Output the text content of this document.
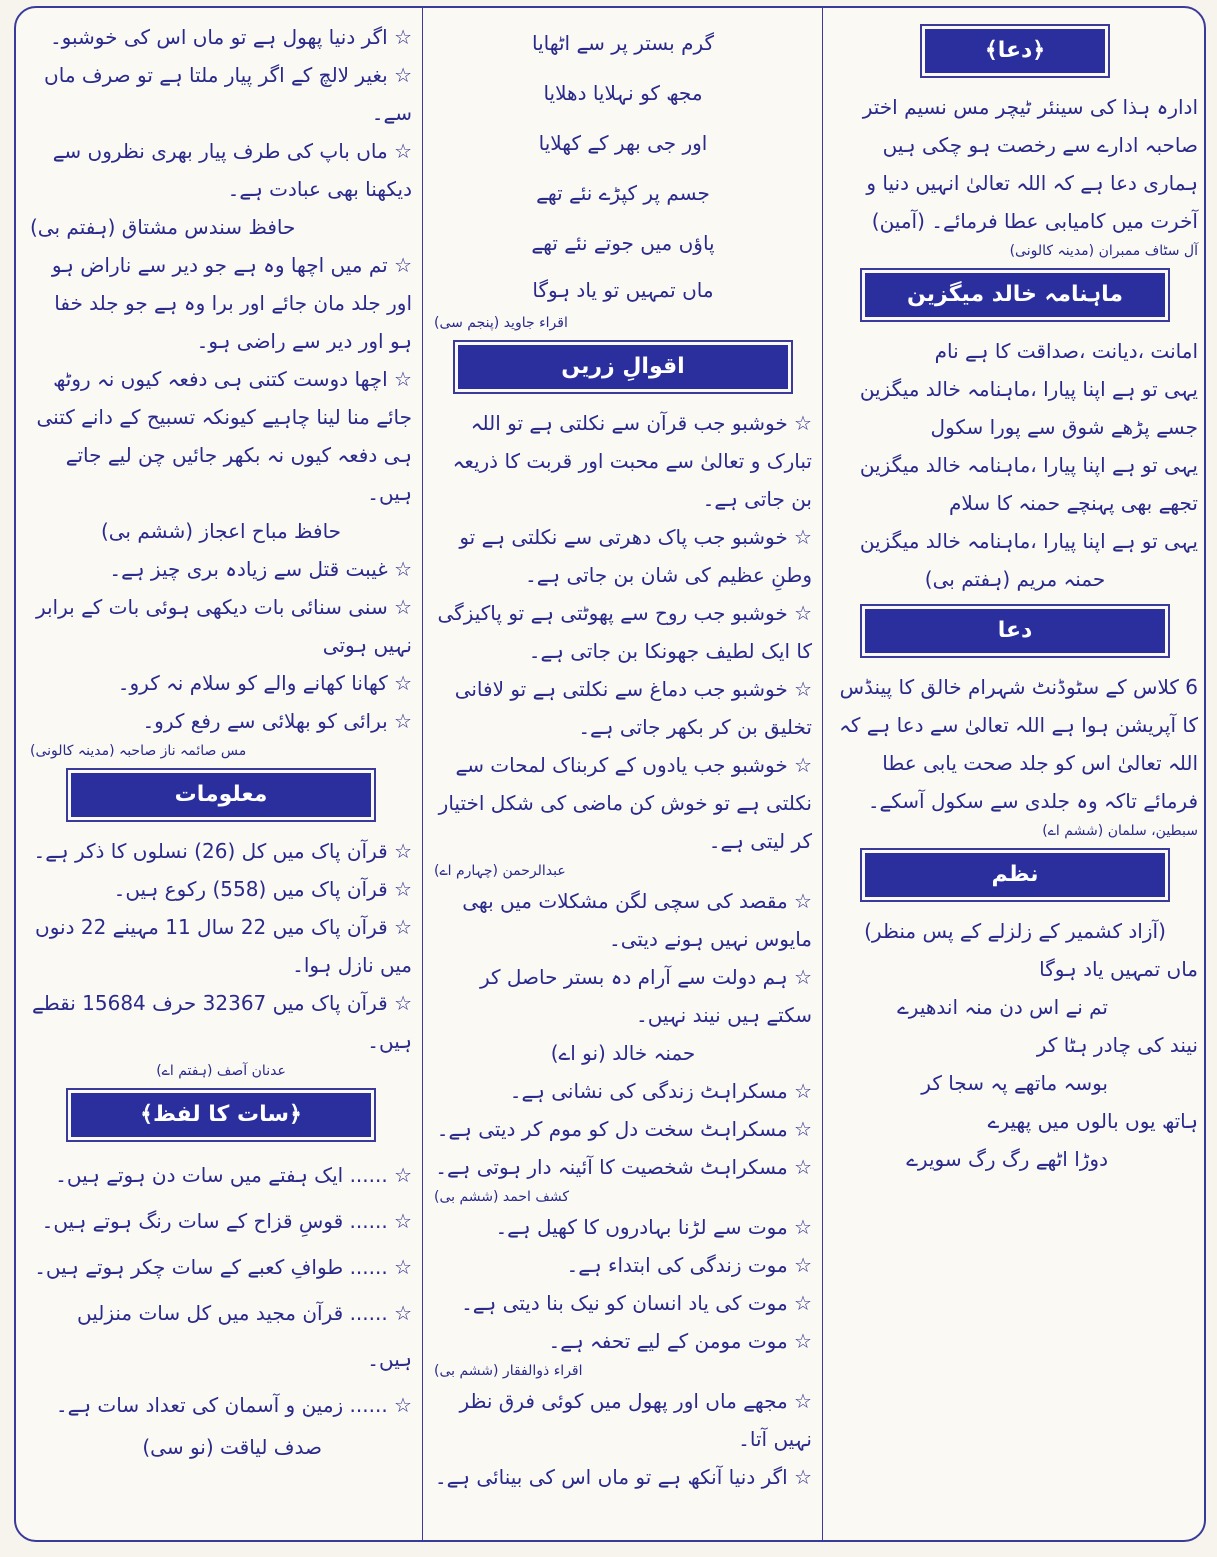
﴿دعا﴾

ادارہ ہذا کی سینئر ٹیچر مس نسیم اختر صاحبہ ادارے سے رخصت ہو چکی ہیں ہماری دعا ہے کہ اللہ تعالیٰ انہیں دنیا و آخرت میں کامیابی عطا فرمائے۔ (آمین)

آل سٹاف ممبران (مدینہ کالونی)

ماہنامہ خالد میگزین

امانت ،دیانت ،صداقت کا ہے نام

یہی تو ہے اپنا پیارا ،ماہنامہ خالد میگزین

جسے پڑھے شوق سے پورا سکول

یہی تو ہے اپنا پیارا ،ماہنامہ خالد میگزین

تجھے بھی پہنچے حمنہ کا سلام

یہی تو ہے اپنا پیارا ،ماہنامہ خالد میگزین

حمنہ مریم (ہفتم بی)

دعا

6 کلاس کے سٹوڈنٹ شہرام خالق کا پینڈس کا آپریشن ہوا ہے اللہ تعالیٰ سے دعا ہے کہ اللہ تعالیٰ اس کو جلد صحت یابی عطا فرمائے تاکہ وہ جلدی سے سکول آسکے۔

سبطین، سلمان (ششم اے)

نظم

(آزاد کشمیر کے زلزلے کے پس منظر)

ماں تمہیں یاد ہوگا

تم نے اس دن منہ اندھیرے

نیند کی چادر ہٹا کر

بوسہ ماتھے پہ سجا کر

ہاتھ یوں بالوں میں پھیرے

دوڑا اٹھے رگ رگ سویرے

گرم بستر پر سے اٹھایا

مجھ کو نہلایا دھلایا

اور جی بھر کے کھلایا

جسم پر کپڑے نئے تھے

پاؤں میں جوتے نئے تھے

ماں تمہیں تو یاد ہوگا

اقراء جاوید (پنجم سی)

اقوالِ زریں

☆ خوشبو جب قرآن سے نکلتی ہے تو اللہ تبارک و تعالیٰ سے محبت اور قربت کا ذریعہ بن جاتی ہے۔

☆ خوشبو جب پاک دھرتی سے نکلتی ہے تو وطنِ عظیم کی شان بن جاتی ہے۔

☆ خوشبو جب روح سے پھوٹتی ہے تو پاکیزگی کا ایک لطیف جھونکا بن جاتی ہے۔

☆ خوشبو جب دماغ سے نکلتی ہے تو لافانی تخلیق بن کر بکھر جاتی ہے۔

☆ خوشبو جب یادوں کے کربناک لمحات سے نکلتی ہے تو خوش کن ماضی کی شکل اختیار کر لیتی ہے۔

عبدالرحمن (چہارم اے)

☆ مقصد کی سچی لگن مشکلات میں بھی مایوس نہیں ہونے دیتی۔

☆ ہم دولت سے آرام دہ بستر حاصل کر سکتے ہیں نیند نہیں۔

حمنہ خالد (نو اے)

☆ مسکراہٹ زندگی کی نشانی ہے۔

☆ مسکراہٹ سخت دل کو موم کر دیتی ہے۔

☆ مسکراہٹ شخصیت کا آئینہ دار ہوتی ہے۔

کشف احمد (ششم بی)

☆ موت سے لڑنا بہادروں کا کھیل ہے۔

☆ موت زندگی کی ابتداء ہے۔

☆ موت کی یاد انسان کو نیک بنا دیتی ہے۔

☆ موت مومن کے لیے تحفہ ہے۔

اقراء ذوالفقار (ششم بی)

☆ مجھے ماں اور پھول میں کوئی فرق نظر نہیں آتا۔

☆ اگر دنیا آنکھ ہے تو ماں اس کی بینائی ہے۔

☆ اگر دنیا پھول ہے تو ماں اس کی خوشبو۔

☆ بغیر لالچ کے اگر پیار ملتا ہے تو صرف ماں سے۔

☆ ماں باپ کی طرف پیار بھری نظروں سے دیکھنا بھی عبادت ہے۔

حافظ سندس مشتاق (ہفتم بی)

☆ تم میں اچھا وہ ہے جو دیر سے ناراض ہو اور جلد مان جائے اور برا وہ ہے جو جلد خفا ہو اور دیر سے راضی ہو۔

☆ اچھا دوست کتنی ہی دفعہ کیوں نہ روٹھ جائے منا لینا چاہیے کیونکہ تسبیح کے دانے کتنی ہی دفعہ کیوں نہ بکھر جائیں چن لیے جاتے ہیں۔

حافظ مباح اعجاز (ششم بی)

☆ غیبت قتل سے زیادہ بری چیز ہے۔

☆ سنی سنائی بات دیکھی ہوئی بات کے برابر نہیں ہوتی

☆ کھانا کھانے والے کو سلام نہ کرو۔

☆ برائی کو بھلائی سے رفع کرو۔

مس صائمہ ناز صاحبہ (مدینہ کالونی)

معلومات

☆ قرآن پاک میں کل (26) نسلوں کا ذکر ہے۔

☆ قرآن پاک میں (558) رکوع ہیں۔

☆ قرآن پاک میں 22 سال 11 مہینے 22 دنوں میں نازل ہوا۔

☆ قرآن پاک میں 32367 حرف 15684 نقطے ہیں۔

عدنان آصف (ہفتم اے)

﴿سات کا لفظ﴾

☆ ...... ایک ہفتے میں سات دن ہوتے ہیں۔

☆ ...... قوسِ قزاح کے سات رنگ ہوتے ہیں۔

☆ ...... طوافِ کعبے کے سات چکر ہوتے ہیں۔

☆ ...... قرآن مجید میں کل سات منزلیں ہیں۔

☆ ...... زمین و آسمان کی تعداد سات ہے۔

صدف لیاقت (نو سی)
